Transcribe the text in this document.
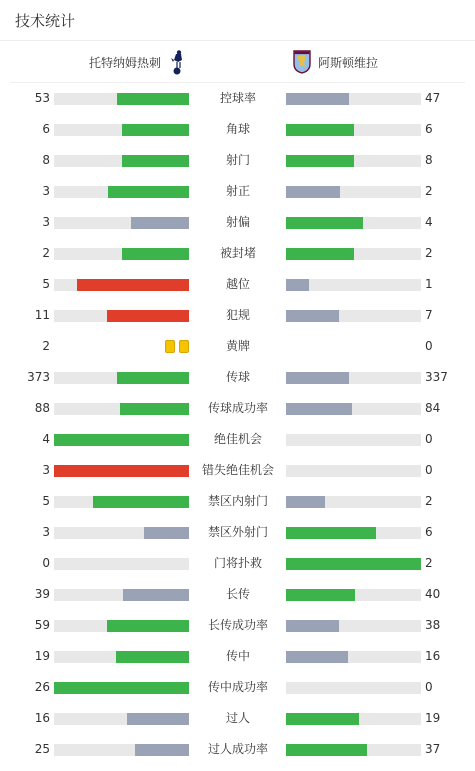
技术统计
托特纳姆热刺	阿斯顿维拉
53	控球率	47
6	角球	6
8	射门	8
3	射正	2
3	射偏	4
2	被封堵	2
5	越位	1
11	犯规	7
2	黄牌	0
373	传球	337
88	传球成功率	84
4	绝佳机会	0
3	错失绝佳机会	0
5	禁区内射门	2
3	禁区外射门	6
0	门将扑救	2
39	长传	40
59	长传成功率	38
19	传中	16
26	传中成功率	0
16	过人	19
25	过人成功率	37
